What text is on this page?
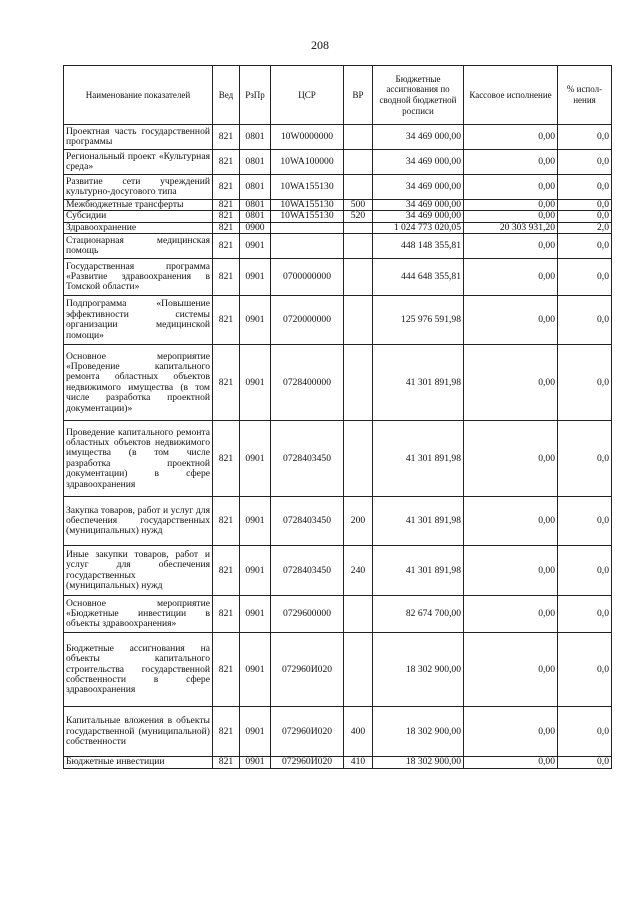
208
Наименование показателей	Вед	РзПр	ЦСР	ВР	Бюджетные ассигнования по сводной бюджетной росписи	Кассовое исполнение	% испол-нения
Проектная часть государственной программы	821	0801	10W0000000		34 469 000,00	0,00	0,0
Региональный проект «Культурная среда»	821	0801	10WA100000		34 469 000,00	0,00	0,0
Развитие сети учреждений культурно-досугового типа	821	0801	10WA155130		34 469 000,00	0,00	0,0
Межбюджетные трансферты	821	0801	10WA155130	500	34 469 000,00	0,00	0,0
Субсидии	821	0801	10WA155130	520	34 469 000,00	0,00	0,0
Здравоохранение	821	0900			1 024 773 020,05	20 303 931,20	2,0
Стационарная медицинская помощь	821	0901			448 148 355,81	0,00	0,0
Государственная программа «Развитие здравоохранения в Томской области»	821	0901	0700000000		444 648 355,81	0,00	0,0
Подпрограмма «Повышение эффективности системы организации медицинской помощи»	821	0901	0720000000		125 976 591,98	0,00	0,0
Основное мероприятие «Проведение капитального ремонта областных объектов недвижимого имущества (в том числе разработка проектной документации)»	821	0901	0728400000		41 301 891,98	0,00	0,0
Проведение капитального ремонта областных объектов недвижимого имущества (в том числе разработка проектной документации) в сфере здравоохранения	821	0901	0728403450		41 301 891,98	0,00	0,0
Закупка товаров, работ и услуг для обеспечения государственных (муниципальных) нужд	821	0901	0728403450	200	41 301 891,98	0,00	0,0
Иные закупки товаров, работ и услуг для обеспечения государственных (муниципальных) нужд	821	0901	0728403450	240	41 301 891,98	0,00	0,0
Основное мероприятие «Бюджетные инвестиции в объекты здравоохранения»	821	0901	0729600000		82 674 700,00	0,00	0,0
Бюджетные ассигнования на объекты капитального строительства государственной собственности в сфере здравоохранения	821	0901	072960И020		18 302 900,00	0,00	0,0
Капитальные вложения в объекты государственной (муниципальной) собственности	821	0901	072960И020	400	18 302 900,00	0,00	0,0
Бюджетные инвестиции	821	0901	072960И020	410	18 302 900,00	0,00	0,0
